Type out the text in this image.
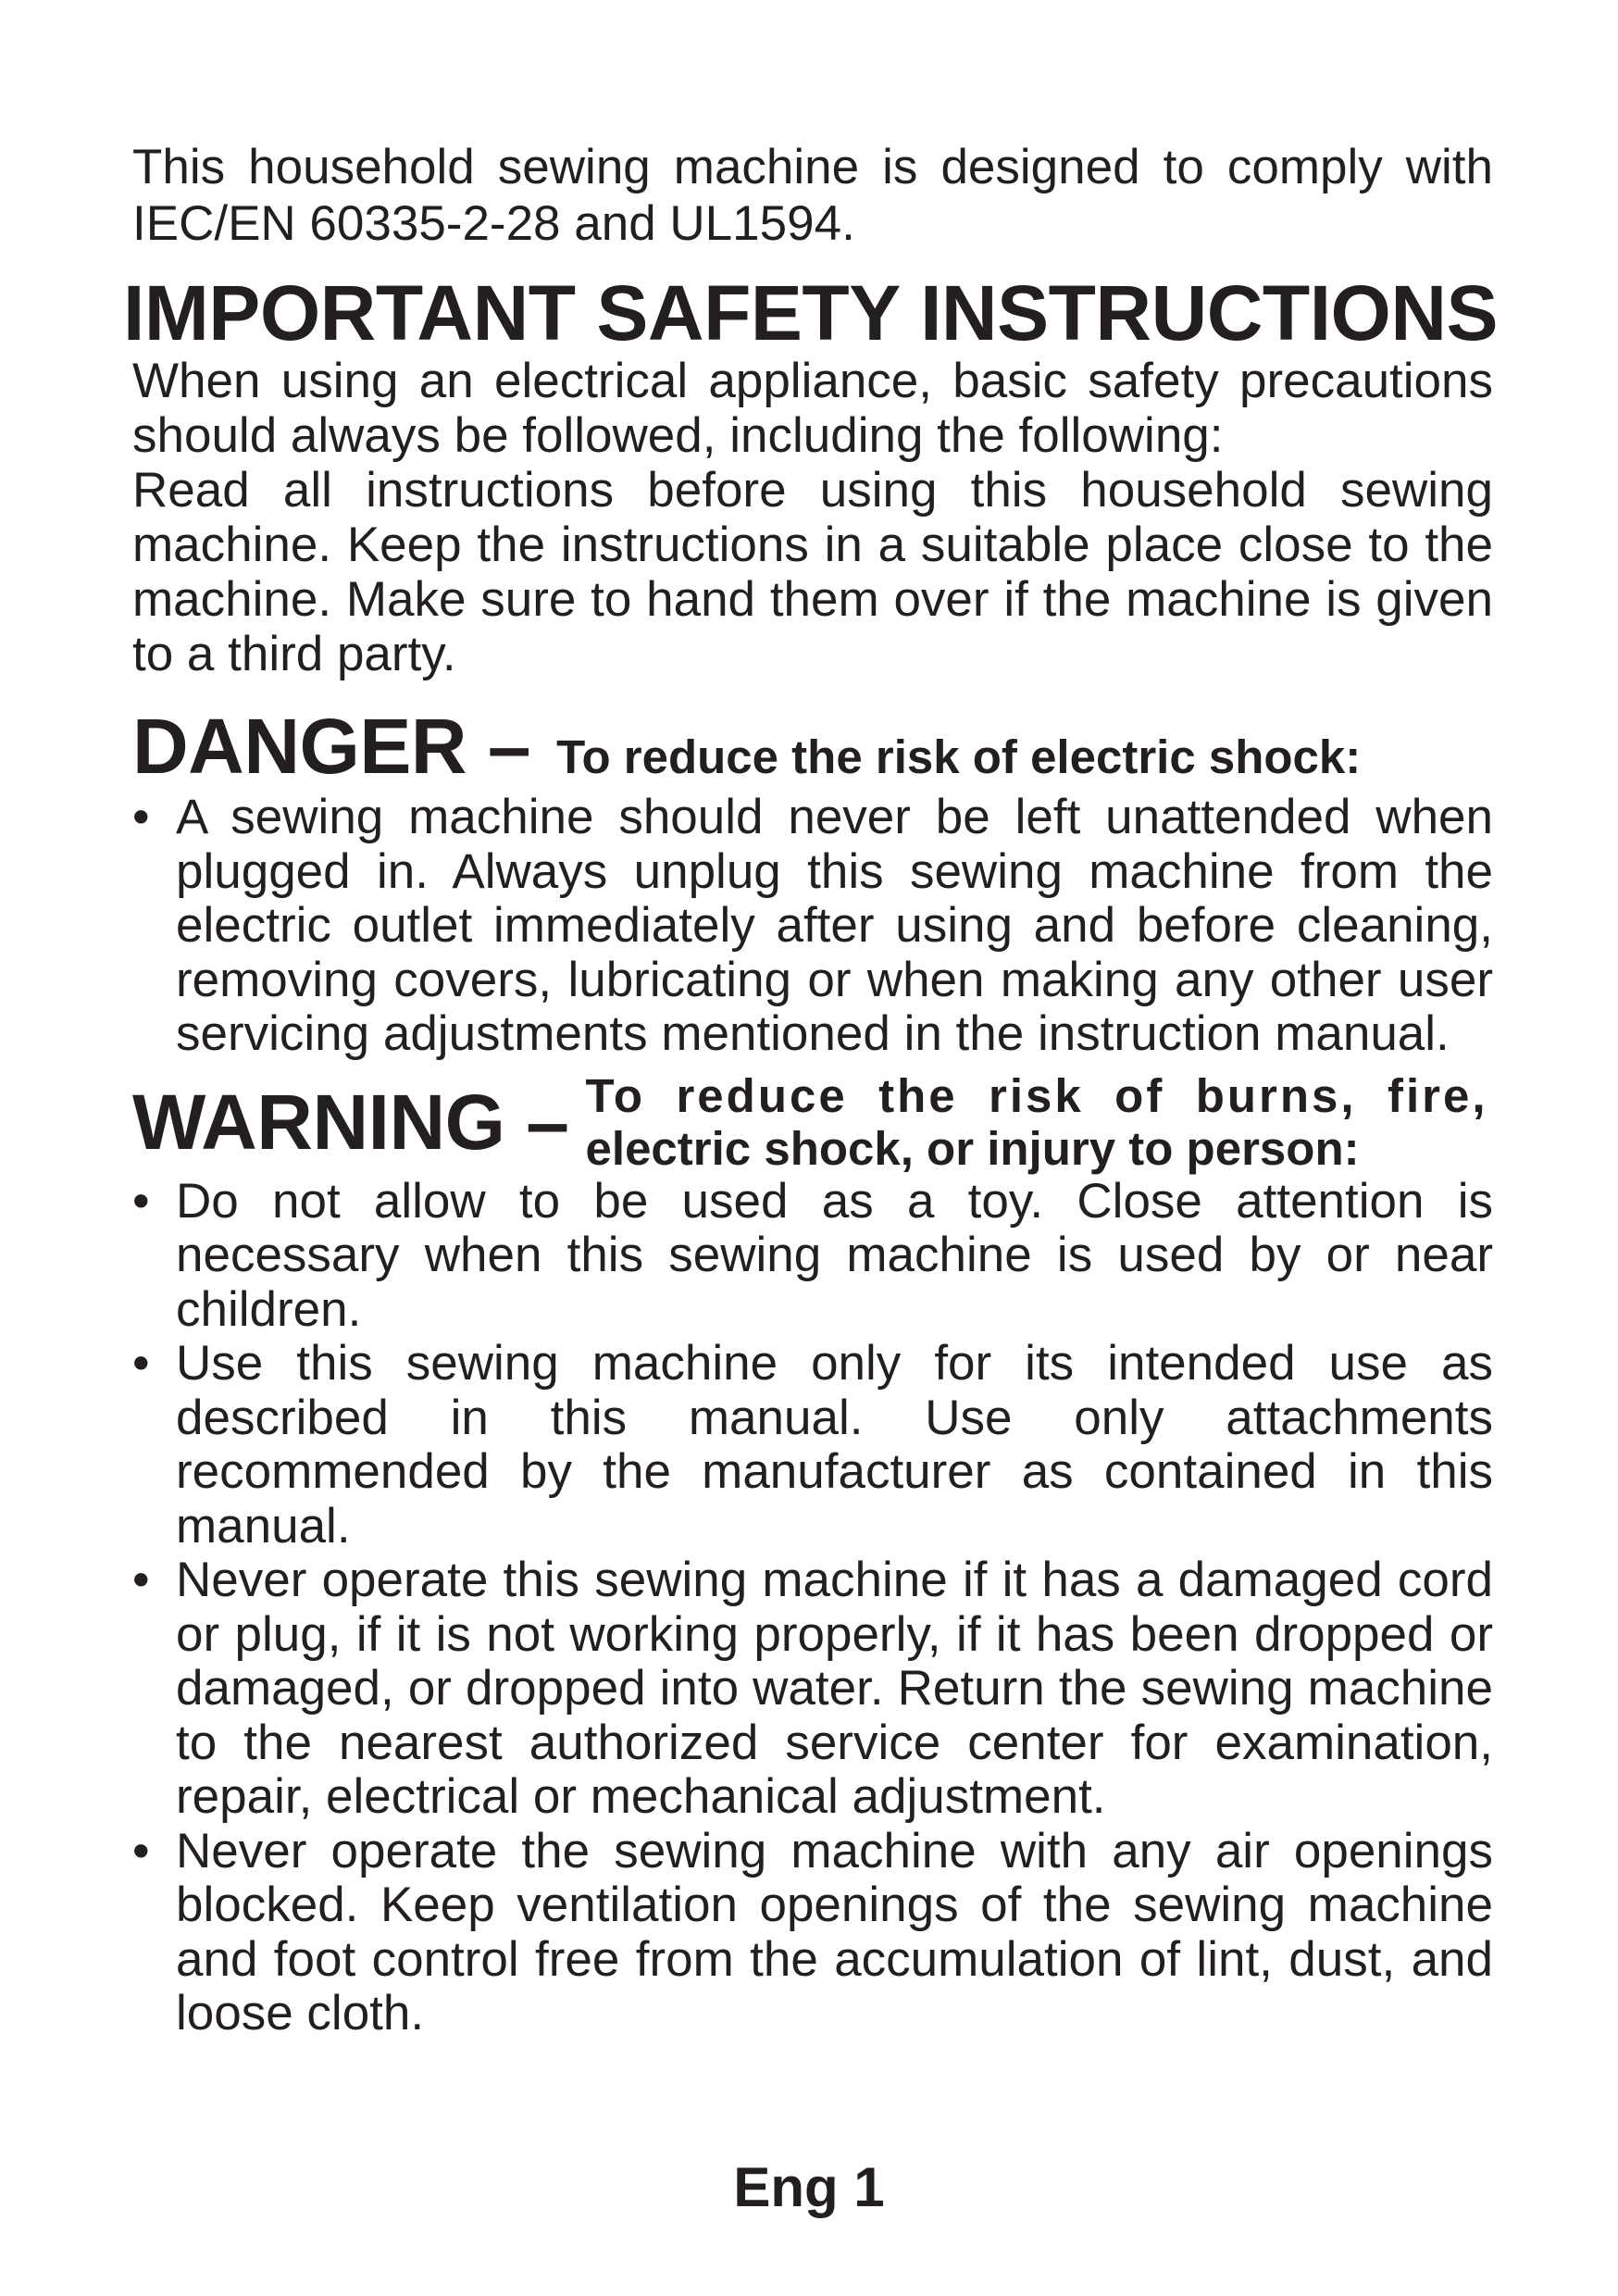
This household sewing machine is designed to comply with
IEC/EN 60335-2-28 and UL1594.
IMPORTANT SAFETY INSTRUCTIONS

When using an electrical appliance, basic safety precautions should always be followed, including the following:

Read all instructions before using this household sewing machine. Keep the instructions in a suitable place close to the machine. Make sure to hand them over if the machine is given to a third party.

DANGER – To reduce the risk of electric shock:
• A sewing machine should never be left unattended when plugged in. Always unplug this sewing machine from the electric outlet immediately after using and before cleaning, removing covers, lubricating or when making any other user servicing adjustments mentioned in the instruction manual.
WARNING – To reduce the risk of burns, fire,
electric shock, or injury to person:
• Do not allow to be used as a toy. Close attention is necessary when this sewing machine is used by or near children.
• Use this sewing machine only for its intended use as described in this manual. Use only attachments recommended by the manufacturer as contained in this manual.
• Never operate this sewing machine if it has a damaged cord or plug, if it is not working properly, if it has been dropped or damaged, or dropped into water. Return the sewing machine to the nearest authorized service center for examination, repair, electrical or mechanical adjustment.
• Never operate the sewing machine with any air openings blocked. Keep ventilation openings of the sewing machine and foot control free from the accumulation of lint, dust, and loose cloth.
Eng 1
